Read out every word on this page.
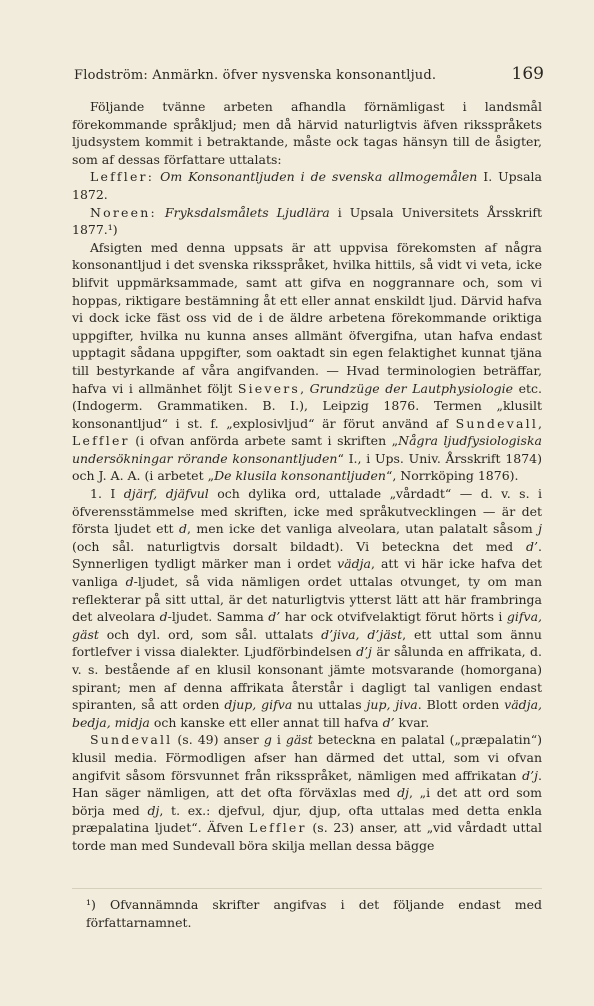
Flodström: Anmärkn. öfver nysvenska konsonantljud.	169

Följande tvänne arbeten afhandla förnämligast i landsmål förekommande språkljud; men då härvid naturligtvis äfven riksspråkets ljudsystem kommit i betraktande, måste ock tagas hänsyn till de åsigter, som af dessas författare uttalats:

Leffler: Om Konsonantljuden i de svenska allmogemålen I. Upsala 1872.

Noreen: Fryksdalsmålets Ljudlära i Upsala Universitets Årsskrift 1877.¹)

Afsigten med denna uppsats är att uppvisa förekomsten af några konsonantljud i det svenska riksspråket, hvilka hittils, så vidt vi veta, icke blifvit uppmärksammade, samt att gifva en noggrannare och, som vi hoppas, riktigare bestämning åt ett eller annat enskildt ljud. Därvid hafva vi dock icke fäst oss vid de i de äldre arbetena förekommande oriktiga uppgifter, hvilka nu kunna anses allmänt öfvergifna, utan hafva endast upptagit sådana uppgifter, som oaktadt sin egen felaktighet kunnat tjäna till bestyrkande af våra angifvanden. — Hvad terminologien beträffar, hafva vi i allmänhet följt Sievers, Grundzüge der Lautphysiologie etc. (Indogerm. Grammatiken. B. I.), Leipzig 1876. Termen „klusilt konsonantljud“ i st. f. „explosivljud“ är förut använd af Sundevall, Leffler (i ofvan anförda arbete samt i skriften „Några ljudfysiologiska undersökningar rörande konsonantljuden“ I., i Ups. Univ. Årsskrift 1874) och J. A. A. (i arbetet „De klusila konsonantljuden“, Norrköping 1876).

1. I djärf, djäfvul och dylika ord, uttalade „vårdadt“ — d. v. s. i öfverensstämmelse med skriften, icke med språkutvecklingen — är det första ljudet ett d, men icke det vanliga alveolara, utan palatalt såsom j (och sål. naturligtvis dorsalt bildadt). Vi beteckna det med d’. Synnerligen tydligt märker man i ordet vädja, att vi här icke hafva det vanliga d-ljudet, så vida nämligen ordet uttalas otvunget, ty om man reflekterar på sitt uttal, är det naturligtvis ytterst lätt att här frambringa det alveolara d-ljudet. Samma d’ har ock otvifvelaktigt förut hörts i gifva, gäst och dyl. ord, som sål. uttalats d’jiva, d’jäst, ett uttal som ännu fortlefver i vissa dialekter. Ljudförbindelsen d’j är sålunda en affrikata, d. v. s. bestående af en klusil konsonant jämte motsvarande (homorgana) spirant; men af denna affrikata återstår i dagligt tal vanligen endast spiranten, så att orden djup, gifva nu uttalas jup, jiva. Blott orden vädja, bedja, midja och kanske ett eller annat till hafva d’ kvar.

Sundevall (s. 49) anser g i gäst beteckna en palatal („præpalatin“) klusil media. Förmodligen afser han därmed det uttal, som vi ofvan angifvit såsom försvunnet från riksspråket, nämligen med affrikatan d’j. Han säger nämligen, att det ofta förväxlas med dj, „i det att ord som börja med dj, t. ex.: djefvul, djur, djup, ofta uttalas med detta enkla præpalatina ljudet“. Äfven Leffler (s. 23) anser, att „vid vårdadt uttal torde man med Sundevall böra skilja mellan dessa bägge

¹) Ofvannämnda skrifter angifvas i det följande endast med författarnamnet.
